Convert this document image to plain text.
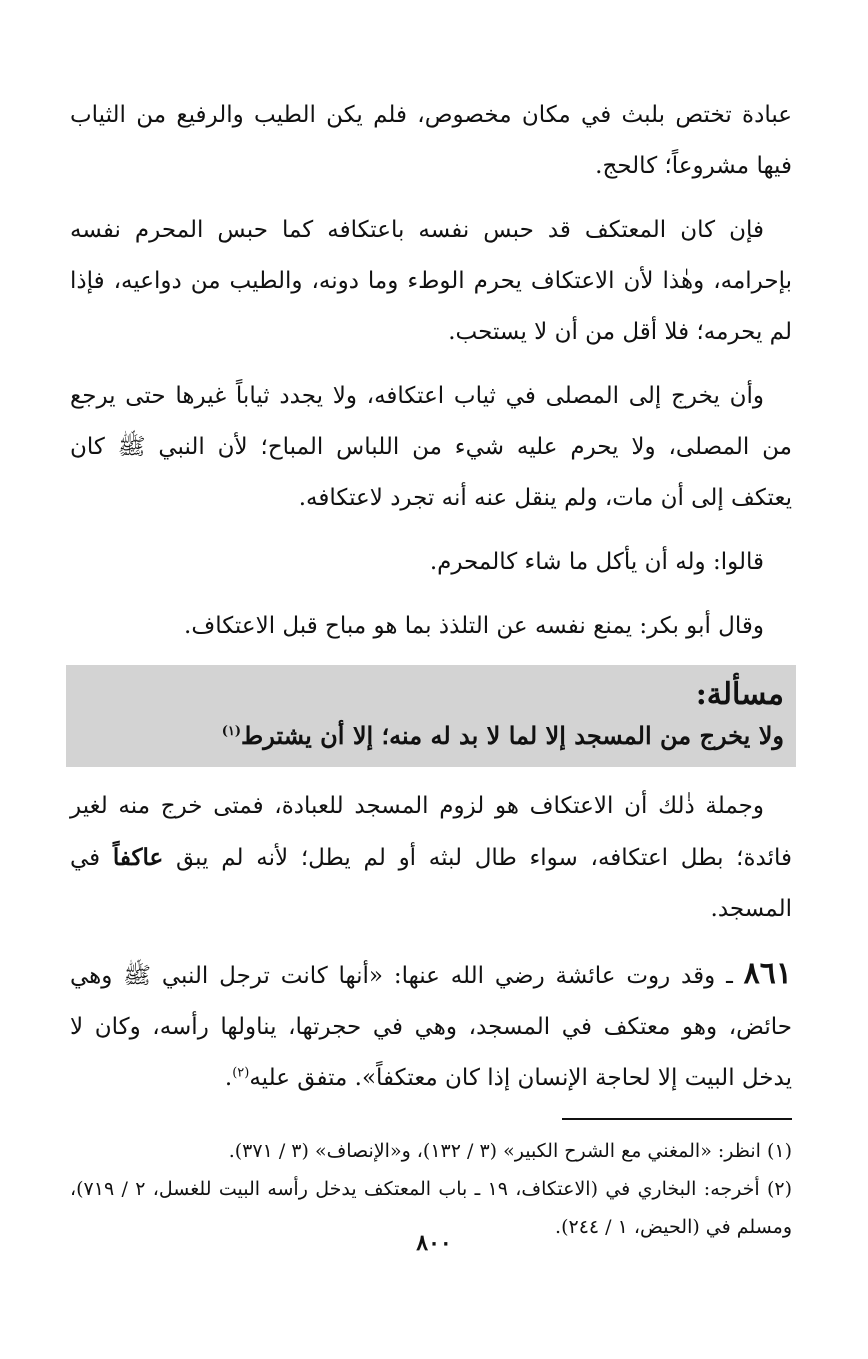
عبادة تختص بلبث في مكان مخصوص، فلم يكن الطيب والرفيع من الثياب فيها مشروعاً؛ كالحج.

فإن كان المعتكف قد حبس نفسه باعتكافه كما حبس المحرم نفسه بإحرامه، وهٰذا لأن الاعتكاف يحرم الوطء وما دونه، والطيب من دواعيه، فإذا لم يحرمه؛ فلا أقل من أن لا يستحب.

وأن يخرج إلى المصلى في ثياب اعتكافه، ولا يجدد ثياباً غيرها حتى يرجع من المصلى، ولا يحرم عليه شيء من اللباس المباح؛ لأن النبي ﷺ كان يعتكف إلى أن مات، ولم ينقل عنه أنه تجرد لاعتكافه.

قالوا: وله أن يأكل ما شاء كالمحرم.

وقال أبو بكر: يمنع نفسه عن التلذذ بما هو مباح قبل الاعتكاف.

مسألة:

ولا يخرج من المسجد إلا لما لا بد له منه؛ إلا أن يشترط$^{(١)}$

وجملة ذٰلك أن الاعتكاف هو لزوم المسجد للعبادة، فمتى خرج منه لغير فائدة؛ بطل اعتكافه، سواء طال لبثه أو لم يطل؛ لأنه لم يبق عاكفاً في المسجد.

٨٦١ ـ وقد روت عائشة رضي الله عنها: «أنها كانت ترجل النبي ﷺ وهي حائض، وهو معتكف في المسجد، وهي في حجرتها، يناولها رأسه، وكان لا يدخل البيت إلا لحاجة الإنسان إذا كان معتكفاً». متفق عليه$^{(٢)}$.

(١) انظر: «المغني مع الشرح الكبير» (٣ / ١٣٢)، و«الإنصاف» (٣ / ٣٧١).

(٢) أخرجه: البخاري في (الاعتكاف، ١٩ ـ باب المعتكف يدخل رأسه البيت للغسل، ٢ / ٧١٩)، ومسلم في (الحيض، ١ / ٢٤٤).

٨٠٠
